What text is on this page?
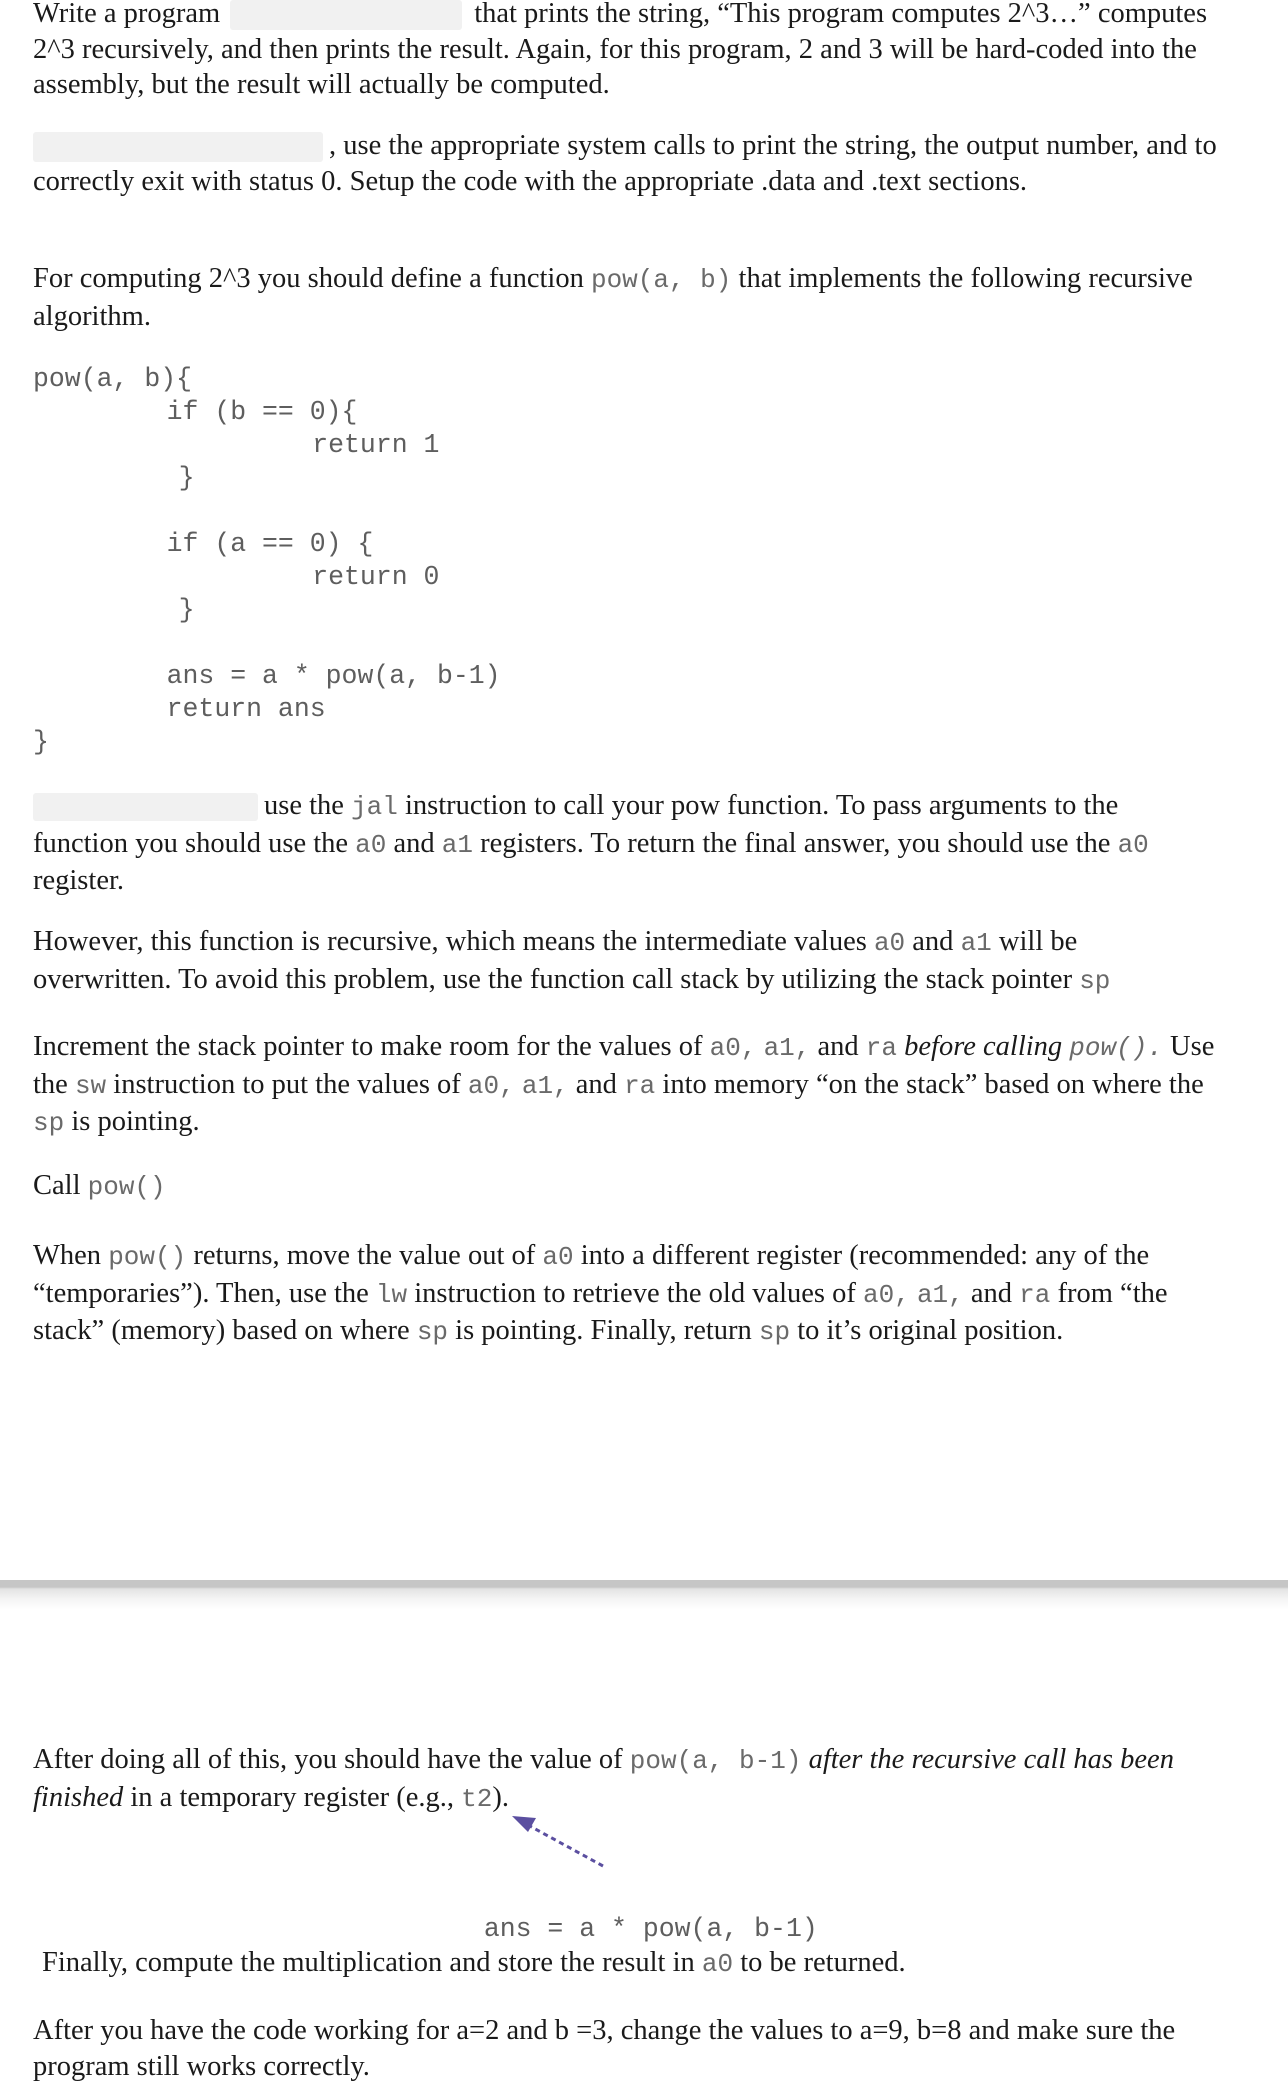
Write a program	that prints the string, “This program computes 2^3…” computes
2^3 recursively, and then prints the result. Again, for this program, 2 and 3 will be hard-coded into the
assembly, but the result will actually be computed.
, use the appropriate system calls to print the string, the output number, and to
correctly exit with status 0. Setup the code with the appropriate .data and .text sections.
For computing 2^3 you should define a function pow(a, b) that implements the following recursive
algorithm.
pow(a, b){
if (b == 0){
return 1
}

if (a == 0) {
return 0
}

ans = a * pow(a, b-1)
return ans
}
use the jal instruction to call your pow function. To pass arguments to the
function you should use the a0 and a1 registers. To return the final answer, you should use the a0
register.
However, this function is recursive, which means the intermediate values a0 and a1 will be
overwritten. To avoid this problem, use the function call stack by utilizing the stack pointer sp
Increment the stack pointer to make room for the values of a0, a1, and ra before calling pow(). Use
the sw instruction to put the values of a0, a1, and ra into memory “on the stack” based on where the
sp is pointing.
Call pow()
When pow() returns, move the value out of a0 into a different register (recommended: any of the
“temporaries”). Then, use the lw instruction to retrieve the old values of a0, a1, and ra from “the
stack” (memory) based on where sp is pointing. Finally, return sp to it’s original position.
After doing all of this, you should have the value of pow(a, b-1) after the recursive call has been
finished in a temporary register (e.g., t2).

ans = a * pow(a, b-1)

Finally, compute the multiplication and store the result in a0 to be returned.
After you have the code working for a=2 and b =3, change the values to a=9, b=8 and make sure the
program still works correctly.
